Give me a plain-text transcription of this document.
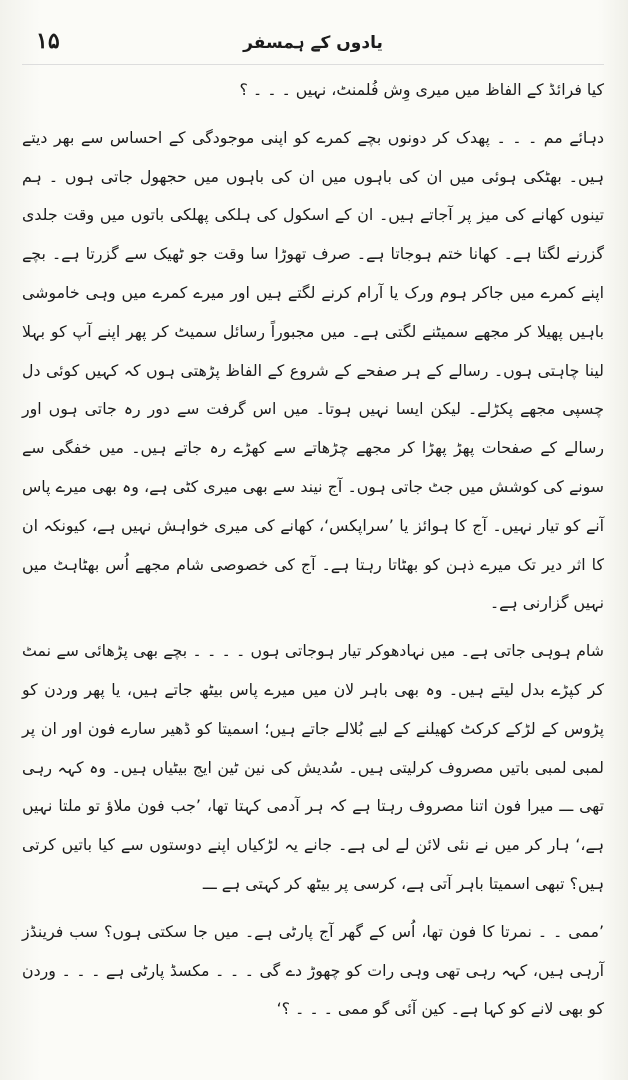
۱۵	یادوں کے ہمسفر

کیا فرائڈ کے الفاظ میں میری وِش فُلمنٹ، نہیں ۔ ۔ ۔ ؟

دہائے مم ۔ ۔ ۔ پھدک کر دونوں بچے کمرے کو اپنی موجودگی کے احساس سے بھر دیتے ہیں۔ بھٹکی ہوئی میں ان کی باہوں میں ان کی باہوں میں حجھول جاتی ہوں ۔ ہم تینوں کھانے کی میز پر آجاتے ہیں۔ ان کے اسکول کی ہلکی پھلکی باتوں میں وقت جلدی گزرنے لگتا ہے۔ کھانا ختم ہوجاتا ہے۔ صرف تھوڑا سا وقت جو ٹھیک سے گزرتا ہے۔ بچے اپنے کمرے میں جاکر ہوم ورک یا آرام کرنے لگتے ہیں اور میرے کمرے میں وہی خاموشی باہیں پھیلا کر مجھے سمیٹنے لگتی ہے۔ میں مجبوراً رسائل سمیٹ کر پھر اپنے آپ کو بہلا لینا چاہتی ہوں۔ رسالے کے ہر صفحے کے شروع کے الفاظ پڑھتی ہوں کہ کہیں کوئی دل چسپی مجھے پکڑلے۔ لیکن ایسا نہیں ہوتا۔ میں اس گرفت سے دور رہ جاتی ہوں اور رسالے کے صفحات پھڑ پھڑا کر مجھے چڑھاتے سے کھڑے رہ جاتے ہیں۔ میں خفگی سے سونے کی کوشش میں جٹ جاتی ہوں۔ آج نیند سے بھی میری کٹی ہے، وہ بھی میرے پاس آنے کو تیار نہیں۔ آج کا ہوائز یا ’سراپکس‘، کھانے کی میری خواہش نہیں ہے، کیونکہ ان کا اثر دیر تک میرے ذہن کو بھٹاتا رہتا ہے۔ آج کی خصوصی شام مجھے اُس بھٹاہٹ میں نہیں گزارنی ہے۔

شام ہوہی جاتی ہے۔ میں نہادھوکر تیار ہوجاتی ہوں ۔ ۔ ۔ ۔ بچے بھی پڑھائی سے نمٹ کر کپڑے بدل لیتے ہیں۔ وہ بھی باہر لان میں میرے پاس بیٹھ جاتے ہیں، یا پھر وردن کو پڑوس کے لڑکے کرکٹ کھیلنے کے لیے بُلالے جاتے ہیں؛ اسمیتا کو ڈھیر سارے فون اور ان پر لمبی لمبی باتیں مصروف کرلیتی ہیں۔ سُدیش کی نین ٹین ایج بیٹیاں ہیں۔ وہ کہہ رہی تھی ـــ میرا فون اتنا مصروف رہتا ہے کہ ہر آدمی کہتا تھا، ’جب فون ملاؤ تو ملتا نہیں ہے،‘ ہار کر میں نے نئی لائن لے لی ہے۔ جانے یہ لڑکیاں اپنے دوستوں سے کیا باتیں کرتی ہیں؟ تبھی اسمیتا باہر آتی ہے، کرسی پر بیٹھ کر کہتی ہے ـــ

’ممی ۔ ۔ نمرتا کا فون تھا، اُس کے گھر آج پارٹی ہے۔ میں جا سکتی ہوں؟ سب فرینڈز آرہی ہیں، کہہ رہی تھی وہی رات کو چھوڑ دے گی ۔ ۔ ۔ مکسڈ پارٹی ہے ۔ ۔ ۔ وردن کو بھی لانے کو کہا ہے۔ کین آئی گو ممی ۔ ۔ ۔ ؟‘
